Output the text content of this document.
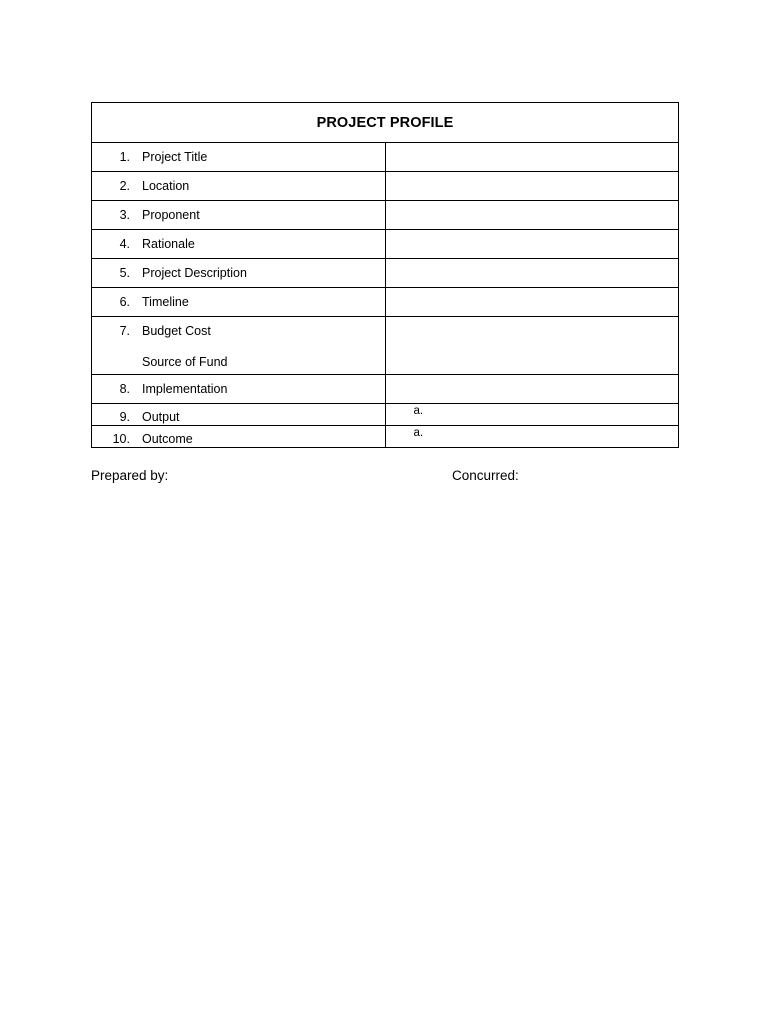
PROJECT PROFILE	

1. Project Title	

2. Location	

3. Proponent	

4. Rationale	

5. Project Description	

6. Timeline	

7. Budget Cost
Source of Fund	

8. Implementation	

9. Output	a.

10. Outcome	a.
Prepared by:	Concurred:
